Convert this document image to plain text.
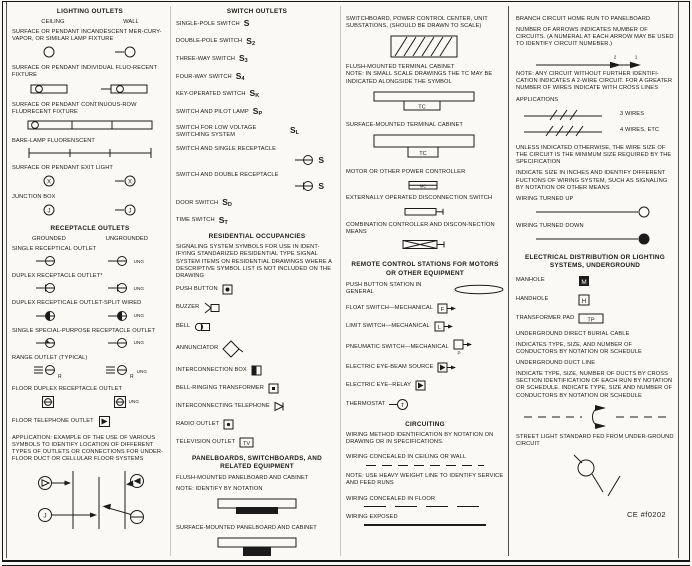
LIGHTING OUTLETS
CEILING	WALL

SURFACE OR PENDANT INCANDESCENT MER-CURY-VAPOR, OR SIMILAR LAMP FIXTURE

SURFACE OR PENDANT INDIVIDUAL FLUO-RECENT FIXTURE

SURFACE OR PENDANT CONTINUOUS-ROW FLUDRECENT FIXTURE

BARE-LAMP FLUORENSCENT

SURFACE OR PENDANT EXIT LIGHT

X	X

JUNCTION BOX

J	J
RECEPTACLE OUTLETS
GROUNDED	UNGROUNDED

SINGLE RECEPTICAL OUTLET

UNG

DUPLEX RECEPTACLE OUTLET*

UNG

DUPLEX RECEPTICALE OUTLET-SPLIT WIRED

UNG

SINGLE SPECIAL-PURPOSE RECEPTACLE OUTLET

UNG

RANGE OUTLET (TYPICAL)

R	R
UNG

FLOOR DUPLEX RECEPTACLE OUTLET

UNG

FLOOR TELEPHONE OUTLET

APPLICATION: EXAMPLE OF THE USE OF VARIOUS SYMBOLS TO IDENTIFY LOCATION OF DIFFERENT TYPES OF OUTLETS OR CONNECTIONS FOR UNDER-FLOOR DUCT OR CELLULAR FLOOR SYSTEMS

J
SWITCH OUTLETS

SINGLE-POLE SWITCH S

DOUBLE-POLE SWITCH S2

THREE-WAY SWITCH S3

FOUR-WAY SWITCH S4

KEY-OPERATED SWITCH SK

SWITCH AND PILOT LAMP SP

SWITCH FOR LOW VOLTAGE SWITCHING SYSTEM	SL

SWITCH AND SINGLE RECEPTACLE

S

SWITCH AND DOUBLE RECEPTACLE

S

DOOR SWITCH SD

TIME SWITCH ST
RESIDENTIAL OCCUPANCIES

SIGNALING SYSTEM SYMBOLS FOR USE IN IDENT-IFYING STANDARIZED RESIDENTIAL TYPE SIGNAL SYSTEM ITEMS ON RESIDENTIAL DRAWINGS WHERE A DESCRIPTIVE SYMBOL LIST IS NOT INCLUDED ON THE DRAWING

PUSH BUTTON

BUZZER

BELL

ANNUNCIATOR

INTERCONNECTION BOX

BELL-RINGING TRANSFORMER

INTERCONNECTING TELEPHONE

RADIO OUTLET

TELEVISION OUTLET TV
PANELBOARDS, SWITCHBOARDS, AND RELATED EQUIPMENT

FLUSH-MOUNTED PANELBOARD AND CABINET

NOTE: IDENTIFY BY NOTATION

SURFACE-MOUNTED PANELBOARD AND CABINET

SWITCHBOARD, POWER CONTROL CENTER, UNIT SUBSTATIONS. (SHOULD BE DRAWN TO SCALE)

FLUSH-MOUNTED TERMINAL CABINET

NOTE: IN SMALL SCALE DRAWINGS THE TC MAY BE INDICATED ALONGSIDE THE SYMBOL

TC

SURFACE-MOUNTED TERMINAL CABINET

TC

MOTOR OR OTHER POWER CONTROLLER

MC

EXTERNALLY OPERATED DISCONNECTION SWITCH

COMBINATION CONTROLLER AND DISCON-NECTION MEANS

REMOTE CONTROL STATIONS FOR MOTORS OR OTHER EQUIPMENT

PUSH BUTTON STATION IN GENERAL

FLOAT SWITCH—MECHANICAL F

LIMIT SWITCH—MECHANICAL L

PNEUMATIC SWITCH—MECHANICAL

P

ELECTRIC EYE-BEAM SOURCE

ELECTRIC EYE--RELAY

THERMOSTAT	T
CIRCUITING

WIRING METHOD IDENTIFICATION BY NOTATION ON DRAWING OR IN SPECIFICATIONS.

WIRING CONCEALED IN CEILING OR WALL

NOTE: USE HEAVY WEIGHT LINE TO IDENTIFY SERVICE AND FEED RUNS

WIRING CONCEALED IN FLOOR

WIRING EXPOSED

BRANCH CIRCUIT HOME RUN TO PANELBOARD

NUMBER OF ARROWS INDICATES NUMBER OF CIRCUITS. (A NUMERAL AT EACH ARROW MAY BE USED TO IDENTIFY CIRCUIT NUMEBER.)

2	1

NOTE: ANY CIRCUIT WITHOUT FURTHER IDENTIFI-CATION INDICATES A 2-WIRE CIRCUIT. FOR A GREATER NUMBER OF WIRES INDICATE WITH CROSS LINES

APPLICATIONS

3 WIRES
4 WIRES, ETC

UNLESS INDICATED OTHERWISE, THE WIRE SIZE OF THE CIRCUIT IS THE MINIMUM SIZE REQUIRED BY THE SPECIFICATION

INDICATE SIZE IN INCHES AND IDENTIFY DIFFERENT FUCTIONS OF WIRING SYSTEM, SUCH AS SIGNALING BY NOTATION OR OTHER MEANS

WIRING TURNED UP

WIRING TURNED DOWN

ELECTRICAL DISTRIBUTION OR LIGHTING SYSTEMS, UNDERGROUND

MANHOLE	M

HANDHOLE	H

TRANSFORMER PAD TP

UNDERGROUND DIRECT BURIAL CABLE

INDICATES TYPE, SIZE, AND NUMBER OF CONDUCTORS BY NOTATION OR SCHEDULE

UNDERGROUND DUCT LINE

INDICATE TYPE, SIZE, NUMBER OF DUCTS BY CROSS SECTION IDENTIFICATION OF EACH RUN BY NOTATION OR SCHEDULE. INDICATE TYPE, SIZE AND NUMBER OF CONDUCTORS BY NOTATION OR SCHEDULE

STREET LIGHT STANDARD FED FROM UNDER-GROUND CIRCUIT

CE #f0202
